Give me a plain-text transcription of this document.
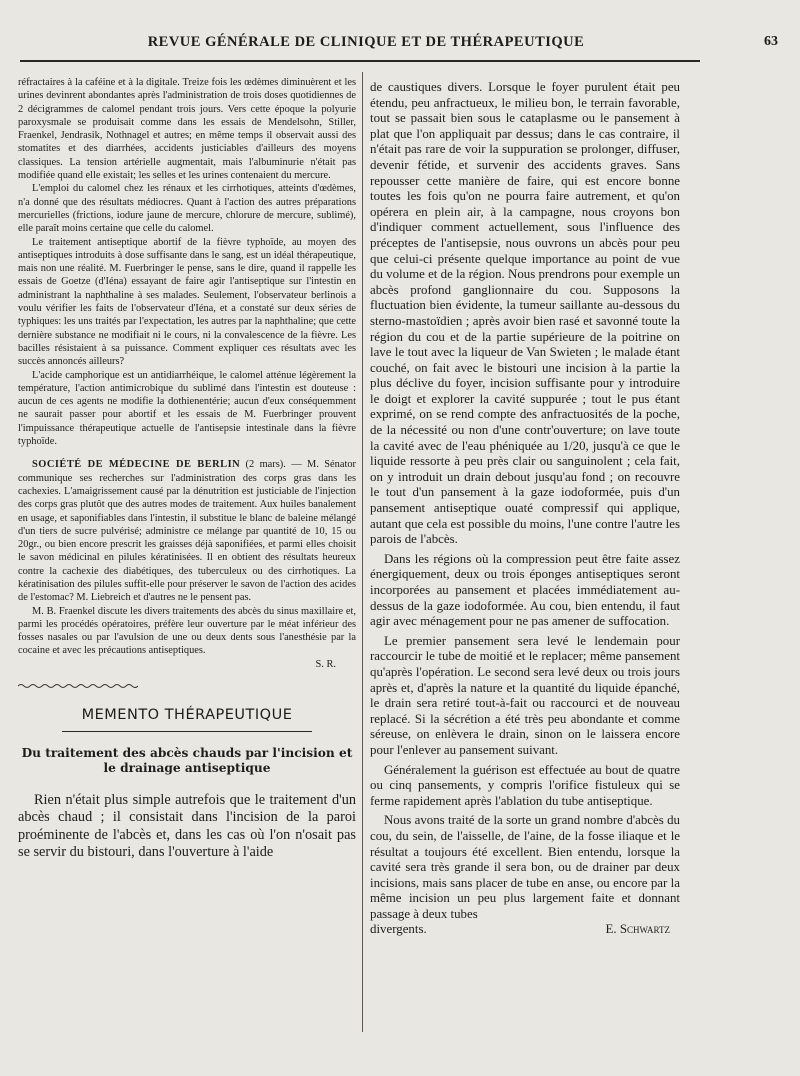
REVUE GÉNÉRALE DE CLINIQUE ET DE THÉRAPEUTIQUE	63

réfractaires à la caféine et à la digitale. Treize fois les œdèmes diminuèrent et les urines devinrent abondantes après l'administration de trois doses quotidiennes de 2 décigrammes de calomel pendant trois jours. Vers cette époque la polyurie paroxysmale se produisait comme dans les essais de Mendelsohn, Stiller, Fraenkel, Jendrasik, Nothnagel et autres; en même temps il observait aussi des stomatites et des diarrhées, accidents justiciables d'ailleurs des moyens classiques. La tension artérielle augmentait, mais l'albuminurie n'était pas modifiée quand elle existait; les selles et les urines contenaient du mercure.

L'emploi du calomel chez les rénaux et les cirrhotiques, atteints d'œdèmes, n'a donné que des résultats médiocres. Quant à l'action des autres préparations mercurielles (frictions, iodure jaune de mercure, chlorure de mercure, sublimé), elle paraît moins certaine que celle du calomel.

Le traitement antiseptique abortif de la fièvre typhoïde, au moyen des antiseptiques introduits à dose suffisante dans le sang, est un idéal thérapeutique, mais non une réalité. M. Fuerbringer le pense, sans le dire, quand il rappelle les essais de Goetze (d'Iéna) essayant de faire agir l'antiseptique sur l'intestin en administrant la naphthaline à ses malades. Seulement, l'observateur berlinois a voulu vérifier les faits de l'observateur d'Iéna, et a constaté sur deux séries de typhiques: les uns traités par l'expectation, les autres par la naphthaline; que cette dernière substance ne modifiait ni le cours, ni la convalescence de la fièvre. Les bacilles résistaient à sa puissance. Comment expliquer ces résultats avec les succès annoncés ailleurs?

L'acide camphorique est un antidiarrhéique, le calomel atténue légèrement la température, l'action antimicrobique du sublimé dans l'intestin est douteuse : aucun de ces agents ne modifie la dothienentérie; aucun d'eux conséquemment ne saurait passer pour abortif et les essais de M. Fuerbringer prouvent l'impuissance thérapeutique actuelle de l'antisepsie intestinale dans la fièvre typhoïde.

SOCIÉTÉ DE MÉDECINE DE BERLIN (2 mars). — M. Sénator communique ses recherches sur l'administration des corps gras dans les cachexies. L'amaigrissement causé par la dénutrition est justiciable de l'injection des corps gras plutôt que des autres modes de traitement. Aux huiles banalement en usage, et saponifiables dans l'intestin, il substitue le blanc de baleine mélangé d'un tiers de sucre pulvérisé; administre ce mélange par quantité de 10, 15 ou 20gr., ou bien encore prescrit les graisses déjà saponifiées, et parmi elles choisit le savon médicinal en pilules kératinisées. Il en obtient des résultats heureux contre la cachexie des diabétiques, des tuberculeux ou des cirrhotiques. La kératinisation des pilules suffit-elle pour préserver le savon de l'action des acides de l'estomac? M. Liebreich et d'autres ne le pensent pas.

M. B. Fraenkel discute les divers traitements des abcès du sinus maxillaire et, parmi les procédés opératoires, préfère leur ouverture par le méat inférieur des fosses nasales ou par l'avulsion de une ou deux dents sous l'anesthésie par la cocaine et avec les précautions antiseptiques.

S. R.
MEMENTO THÉRAPEUTIQUE
Du traitement des abcès chauds par l'incision et le drainage antiseptique

Rien n'était plus simple autrefois que le traitement d'un abcès chaud ; il consistait dans l'incision de la paroi proéminente de l'abcès et, dans les cas où l'on n'osait pas se servir du bistouri, dans l'ouverture à l'aide

de caustiques divers. Lorsque le foyer purulent était peu étendu, peu anfractueux, le milieu bon, le terrain favorable, tout se passait bien sous le cataplasme ou le pansement à plat que l'on appliquait par dessus; dans le cas contraire, il n'était pas rare de voir la suppuration se prolonger, diffuser, devenir fétide, et survenir des accidents graves. Sans repousser cette manière de faire, qui est encore bonne toutes les fois qu'on ne pourra faire autrement, et qu'on opérera en plein air, à la campagne, nous croyons bon d'indiquer comment actuellement, sous l'influence des préceptes de l'antisepsie, nous ouvrons un abcès pour peu que celui-ci présente quelque importance au point de vue du volume et de la région. Nous prendrons pour exemple un abcès profond ganglionnaire du cou. Supposons la fluctuation bien évidente, la tumeur saillante au-dessous du sterno-mastoïdien ; après avoir bien rasé et savonné toute la région du cou et de la partie supérieure de la poitrine on lave le tout avec la liqueur de Van Swieten ; le malade étant couché, on fait avec le bistouri une incision à la partie la plus déclive du foyer, incision suffisante pour y introduire le doigt et explorer la cavité suppurée ; tout le pus étant exprimé, on se rend compte des anfractuosités de la poche, de la nécessité ou non d'une contr'ouverture; on lave toute la cavité avec de l'eau phéniquée au 1/20, jusqu'à ce que le liquide ressorte à peu près clair ou sanguinolent ; cela fait, on y introduit un drain debout jusqu'au fond ; on recouvre le tout d'un pansement à la gaze iodoformée, puis d'un pansement antiseptique ouaté compressif qui applique, autant que cela est possible du moins, l'une contre l'autre les parois de l'abcès.

Dans les régions où la compression peut être faite assez énergiquement, deux ou trois éponges antiseptiques seront incorporées au pansement et placées immédiatement au-dessus de la gaze iodoformée. Au cou, bien entendu, il faut agir avec ménagement pour ne pas amener de suffocation.

Le premier pansement sera levé le lendemain pour raccourcir le tube de moitié et le replacer; même pansement qu'après l'opération. Le second sera levé deux ou trois jours après et, d'après la nature et la quantité du liquide épanché, le drain sera retiré tout-à-fait ou raccourci et de nouveau replacé. Si la sécrétion a été très peu abondante et comme séreuse, on enlèvera le drain, sinon on le laissera encore pour l'enlever au pansement suivant.

Généralement la guérison est effectuée au bout de quatre ou cinq pansements, y compris l'orifice fistuleux qui se ferme rapidement après l'ablation du tube antiseptique.

Nous avons traité de la sorte un grand nombre d'abcès du cou, du sein, de l'aisselle, de l'aine, de la fosse iliaque et le résultat a toujours été excellent. Bien entendu, lorsque la cavité sera très grande il sera bon, ou de drainer par deux incisions, mais sans placer de tube en anse, ou encore par la même incision un peu plus largement faite et donnant passage à deux tubes

divergents.	E. Schwartz
